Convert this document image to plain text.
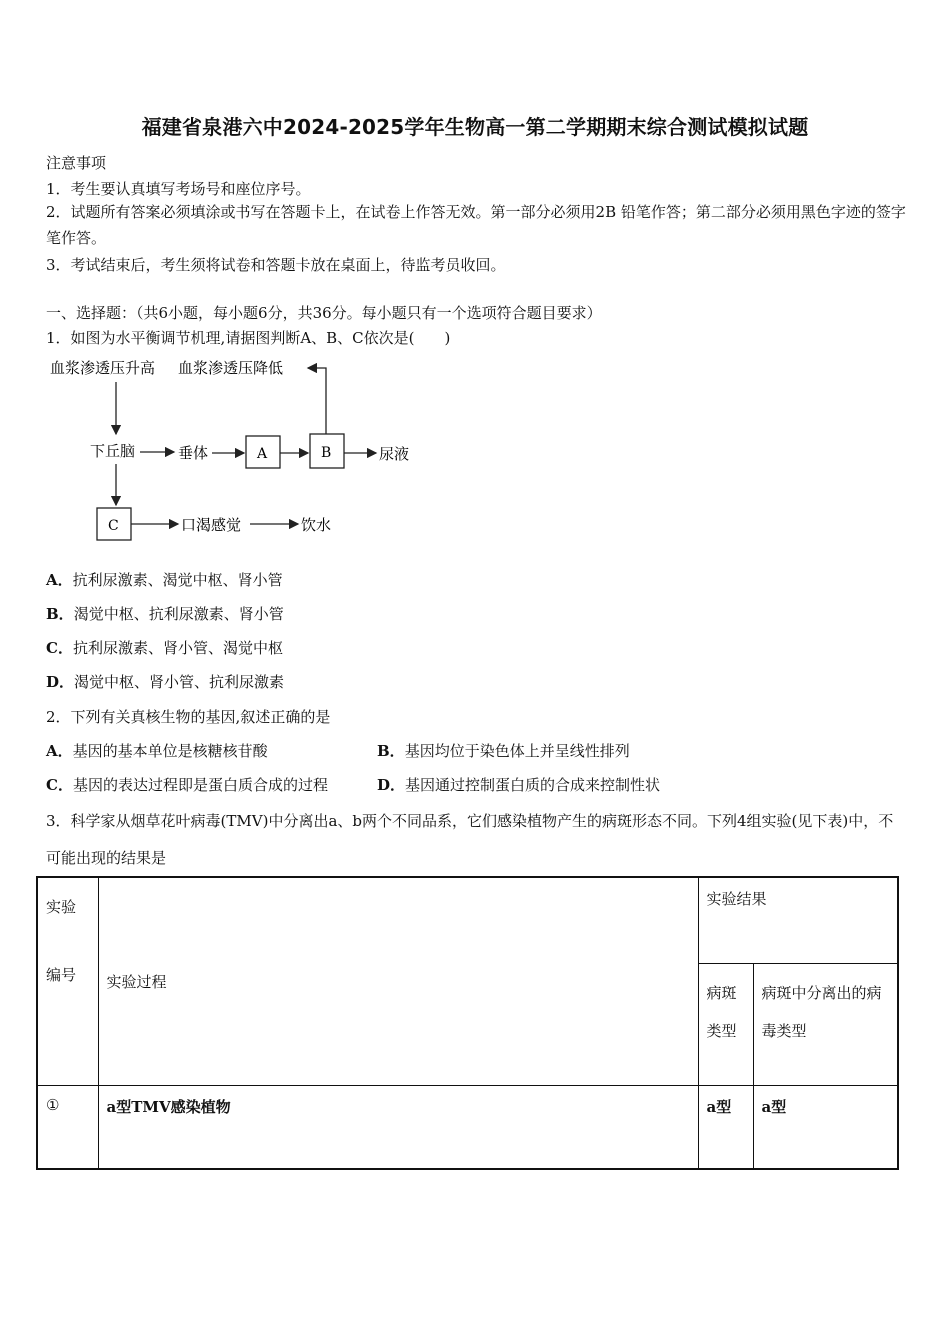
福建省泉港六中2024-2025学年生物高一第二学期期末综合测试模拟试题
注意事项
1．考生要认真填写考场号和座位序号。
2．试题所有答案必须填涂或书写在答题卡上，在试卷上作答无效。第一部分必须用2B 铅笔作答；第二部分必须用黑色字迹的签字笔作答。
3．考试结束后，考生须将试卷和答题卡放在桌面上，待监考员收回。
一、选择题：（共6小题，每小题6分，共36分。每小题只有一个选项符合题目要求）
1．如图为水平衡调节机理,请据图判断A、B、C依次是(　　)
血浆渗透压升高 血浆渗透压降低
下丘脑	垂体	A	B	尿液
C	口渴感觉	饮水
A．抗利尿激素、渴觉中枢、肾小管
B．渴觉中枢、抗利尿激素、肾小管
C．抗利尿激素、肾小管、渴觉中枢
D．渴觉中枢、肾小管、抗利尿激素
2．下列有关真核生物的基因,叙述正确的是
A．基因的基本单位是核糖核苷酸	B．基因均位于染色体上并呈线性排列
C．基因的表达过程即是蛋白质合成的过程	D．基因通过控制蛋白质的合成来控制性状
3．科学家从烟草花叶病毒(TMV)中分离出a、b两个不同品系，它们感染植物产生的病斑形态不同。下列4组实验(见下表)中，不可能出现的结果是
实验
编号	实验过程	实验结果	

		病斑类型	病斑中分离出的病毒类型

①	a型TMV感染植物	a型	a型
